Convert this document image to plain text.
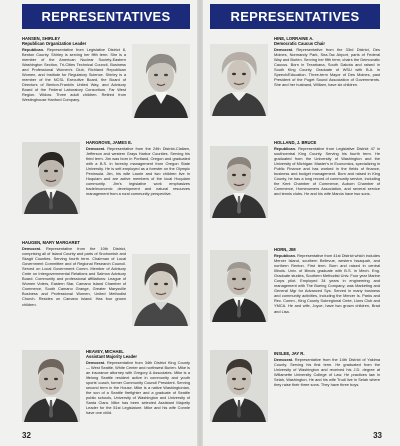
REPRESENTATIVES
HANSEN, SHIRLEY
Republican Organization Leader
Republican. Representative from Legislative District 8, Benton County. Shirley is serving her fifth term. She is a member of the American Nuclear Society-Eastern Washington Section, Tri-Cities Technical Council, Business and Professional Women's Club, Richland Republican Women, and Institute for Regulatory Science. Shirley is a member of the NCSL Executive Board, the Board of Directors of Benton-Franklin United Way, and Advisory Board of the Federal Laboratory Consortium. Far West Region. Widow. Three adult children. Retired from Westinghouse Hanford Company.
HARGROVE, JAMES E.
Democrat. Representative from the 24th District-Clallam, Jefferson and western Grays Harbor Counties. Serving his third term. Jim was born in Portland, Oregon and graduated with a B.S. in forestry management from Oregon State University. He is self-employed as a forester on the Olympic Peninsula. Jim, his wife Laurie and two children live in Hoquiam and are active members of the local Hoquiam community. Jim's legislative work emphasizes trade/economic development and natural resources management from a rural community perspective.
HAUGEN, MARY MARGARET
Democrat. Representative from the 10th District, comprising all of Island County and parts of Snohomish and Skagit Counties. Serving fourth term. Chairman of Local Government Committee and of Regional Research Council. Served on Local Government Comm. Member of Advisory Cmte on Intergovernmental Relations and Salmon Advisory Board. Community and professional affiliations: League of Women Voters, Eastern Star, Camano Island Chamber of Commerce, South Camano Grange, Greater Marysville Business and Professional Women, United Methodist Church. Resides on Camano Island. Has four grown children.
HEAVEY, MICHAEL
Assistant Majority Leader
Democrat. Representative from 34th District King County — West Seattle, White Center and northwest Burien. Mike is an insurance attorney with Gregory & Associates. Mike is a lifelong Seattle resident active in community and youth sports' coach, former Community Council President. Serving second term in the House. Mike is a native Washingtonian, the son of a Seattle firefighter and a graduate of Seattle public schools, University of Washington and University of Santa Clara. Mike has been selected Assistant Majority Leader for the 51st Legislature. Mike and his wife Connie have one child.
32
REPRESENTATIVES
HINE, LORRAINE A.
Democratic Caucus Chair
Democrat. Representative from the 33rd District, Des Moines, Normandy Park, Sea-Tac Airport, parts of Federal Way and Burien. Serving her fifth term; chairs the Democratic Caucus. Born in Texarkana, South Dakota and raised in South King County. Graduate of WSU with B.A. in Speech/Education. Three-term Mayor of Des Moines, past President of the Puget Sound Association of Governments. She and her husband, William, have six children.
HOLLAND, J. BRUCE
Republican. Representative from Legislative District 47 in southcentral King County. Serving his fourth term. He graduated from the University of Washington and the University of Michigan: Master's in Economics, specializing in Public Finance and has worked in the fields of finance, business and budget management. Born and raised in King County, he has a long record of community service, including the Kent Chamber of Commerce, Auburn Chamber of Commerce, Homeowners Association, and several service and tennis clubs. He and his wife Marcia have two sons.
HORN, JIM
Republican. Representative from 41st District which includes Mercer Island, southern Bellevue, western Issaquah, and northern Renton. First term. Born and raised in central Illinois. Univ. of Illinois graduate with B.S. in Mech. Eng. Graduate studies, Southern Methodist Univ. Four year Marine Corps pilot. Employed 34 years in engineering and management with The Boeing Company; was Marketing and General Mgr for Advanced Sys. Served in many business and community activities, including the Mercer Is. Parks and Rec. Comm., King County Subregional Cmte, Lions Club and YMCA. He and wife, Joyce, have two grown children, Brad and Lisa.
INSLEE, JAY R.
Democrat. Representative from the 14th District of Yakima County. Serving his first term. He graduated from the University of Washington and received his J.D. degree at Willamette University College of Law. He practices law in Selah, Washington. He and his wife Trudi live in Selah where they raise their three sons. They have three boys.
33
